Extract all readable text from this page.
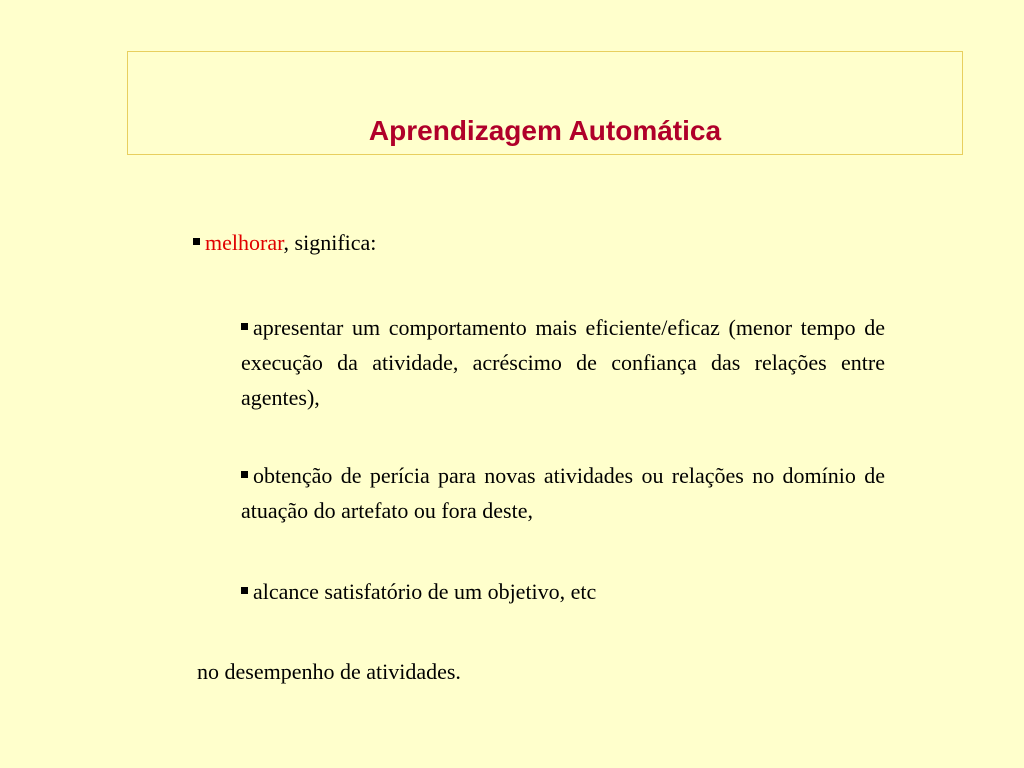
Aprendizagem Automática
melhorar, significa:
apresentar um comportamento mais eficiente/eficaz (menor tempo de execução da atividade, acréscimo de confiança das relações entre agentes),
obtenção de perícia para novas atividades ou relações no domínio de atuação do artefato ou fora deste,
alcance satisfatório de um objetivo, etc
no desempenho de atividades.
